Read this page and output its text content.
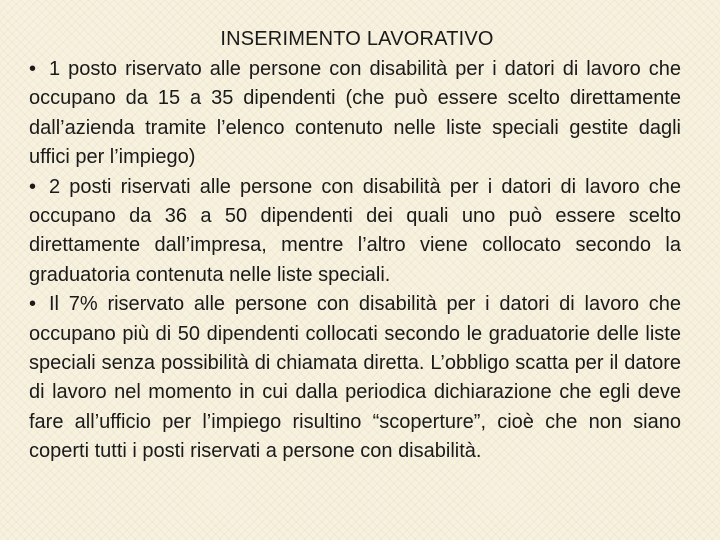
INSERIMENTO LAVORATIVO

• 1 posto riservato alle persone con disabilità per i datori di lavoro che occupano da 15 a 35 dipendenti (che può essere scelto direttamente dall’azienda tramite l’elenco contenuto nelle liste speciali gestite dagli uffici per l’impiego)

• 2 posti riservati alle persone con disabilità per i datori di lavoro che occupano da 36 a 50 dipendenti dei quali uno può essere scelto direttamente dall’impresa, mentre l’altro viene collocato secondo la graduatoria contenuta nelle liste speciali.

• Il 7% riservato alle persone con disabilità per i datori di lavoro che occupano più di 50 dipendenti collocati secondo le graduatorie delle liste speciali senza possibilità di chiamata diretta. L’obbligo scatta per il datore di lavoro nel momento in cui dalla periodica dichiarazione che egli deve fare all’ufficio per l’impiego risultino “scoperture”, cioè che non siano coperti tutti i posti riservati a persone con disabilità.
